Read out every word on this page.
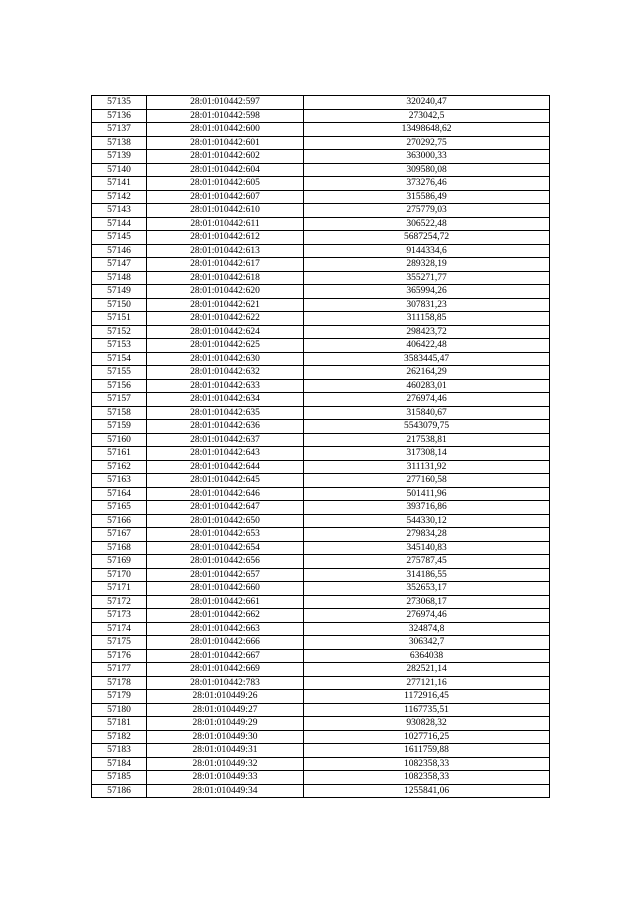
57135	28:01:010442:597	320240,47
57136	28:01:010442:598	273042,5
57137	28:01:010442:600	13498648,62
57138	28:01:010442:601	270292,75
57139	28:01:010442:602	363000,33
57140	28:01:010442:604	309580,08
57141	28:01:010442:605	373276,46
57142	28:01:010442:607	315586,49
57143	28:01:010442:610	275779,03
57144	28:01:010442:611	306522,48
57145	28:01:010442:612	5687254,72
57146	28:01:010442:613	9144334,6
57147	28:01:010442:617	289328,19
57148	28:01:010442:618	355271,77
57149	28:01:010442:620	365994,26
57150	28:01:010442:621	307831,23
57151	28:01:010442:622	311158,85
57152	28:01:010442:624	298423,72
57153	28:01:010442:625	406422,48
57154	28:01:010442:630	3583445,47
57155	28:01:010442:632	262164,29
57156	28:01:010442:633	460283,01
57157	28:01:010442:634	276974,46
57158	28:01:010442:635	315840,67
57159	28:01:010442:636	5543079,75
57160	28:01:010442:637	217538,81
57161	28:01:010442:643	317308,14
57162	28:01:010442:644	311131,92
57163	28:01:010442:645	277160,58
57164	28:01:010442:646	501411,96
57165	28:01:010442:647	393716,86
57166	28:01:010442:650	544330,12
57167	28:01:010442:653	279834,28
57168	28:01:010442:654	345140,83
57169	28:01:010442:656	275787,45
57170	28:01:010442:657	314186,55
57171	28:01:010442:660	352653,17
57172	28:01:010442:661	273068,17
57173	28:01:010442:662	276974,46
57174	28:01:010442:663	324874,8
57175	28:01:010442:666	306342,7
57176	28:01:010442:667	6364038
57177	28:01:010442:669	282521,14
57178	28:01:010442:783	277121,16
57179	28:01:010449:26	1172916,45
57180	28:01:010449:27	1167735,51
57181	28:01:010449:29	930828,32
57182	28:01:010449:30	1027716,25
57183	28:01:010449:31	1611759,88
57184	28:01:010449:32	1082358,33
57185	28:01:010449:33	1082358,33
57186	28:01:010449:34	1255841,06
